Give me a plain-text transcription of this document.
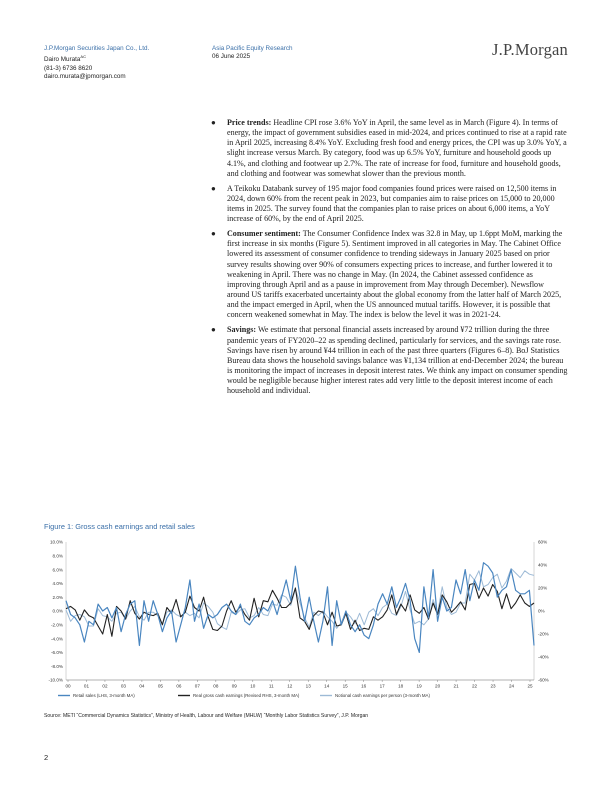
J.P.Morgan Securities Japan Co., Ltd.
Dairo Murata$^{AC}$
(81-3) 6736 8620
dairo.murata@jpmorgan.com
Asia Pacific Equity Research
06 June 2025	J.P.Morgan
● Price trends: Headline CPI rose 3.6% YoY in April, the same level as in March (Figure 4). In terms of energy, the impact of government subsidies eased in mid-2024, and prices continued to rise at a rapid rate in April 2025, increasing 8.4% YoY. Excluding fresh food and energy prices, the CPI was up 3.0% YoY, a slight increase versus March. By category, food was up 6.5% YoY, furniture and household goods up 4.1%, and clothing and footwear up 2.7%. The rate of increase for food, furniture and household goods, and clothing and footwear was somewhat slower than the previous month.
● A Teikoku Databank survey of 195 major food companies found prices were raised on 12,500 items in 2024, down 60% from the recent peak in 2023, but companies aim to raise prices on 15,000 to 20,000 items in 2025. The survey found that the companies plan to raise prices on about 6,000 items, a YoY increase of 60%, by the end of April 2025.
● Consumer sentiment: The Consumer Confidence Index was 32.8 in May, up 1.6ppt MoM, marking the first increase in six months (Figure 5). Sentiment improved in all categories in May. The Cabinet Office lowered its assessment of consumer confidence to trending sideways in January 2025 based on prior survey results showing over 90% of consumers expecting prices to increase, and further lowered it to weakening in April. There was no change in May. (In 2024, the Cabinet assessed confidence as improving through April and as a pause in improvement from May through December). Newsflow around US tariffs exacerbated uncertainty about the global economy from the latter half of March 2025, and the impact emerged in April, when the US announced mutual tariffs. However, it is possible that concern weakened somewhat in May. The index is below the level it was in 2021-24.
● Savings: We estimate that personal financial assets increased by around ¥72 trillion during the three pandemic years of FY2020–22 as spending declined, particularly for services, and the savings rate rose. Savings have risen by around ¥44 trillion in each of the past three quarters (Figures 6–8). BoJ Statistics Bureau data shows the household savings balance was ¥1,134 trillion at end-December 2024; the bureau is monitoring the impact of increases in deposit interest rates. We think any impact on consumer spending would be negligible because higher interest rates add very little to the deposit interest income of each household and individual.
Figure 1: Gross cash earnings and retail sales
10.0%
8.0%
6.0%
4.0%
2.0%
0.0%
-2.0%
-4.0%
-6.0%
-8.0%
-10.0%
60%
40%
20%
0%
-20%
-40%
-60%
00	01	02	03	04	05	06	07	08	09	10	11	12	13	14	15	16	17	18	19	20	21	22	23	24	25
Retail sales (LHS, 3-month MA)	Real gross cash earnings (Revised RHS, 3-month MA)	Notional cash earnings per person (3-month MA)
Source: METI “Commercial Dynamics Statistics”, Ministry of Health, Labour and Welfare (MHLW) “Monthly Labor Statistics Survey”, J.P. Morgan
2
